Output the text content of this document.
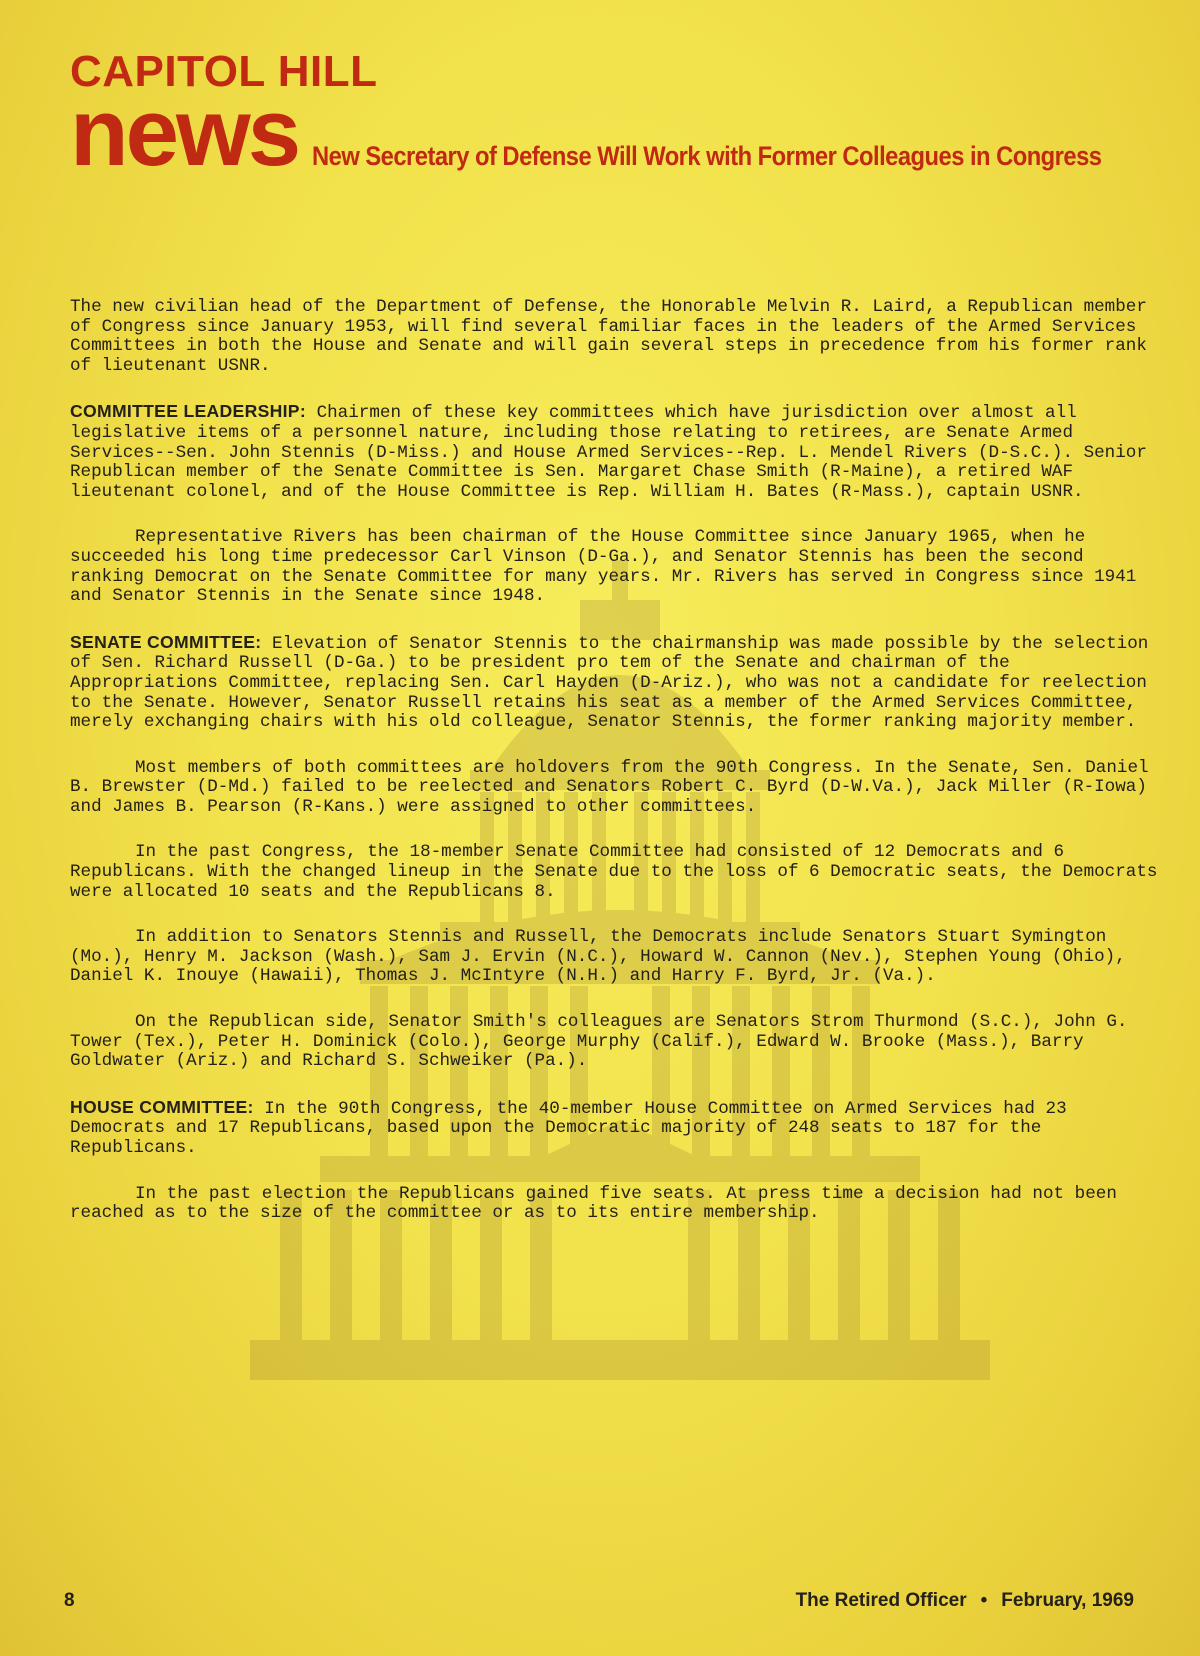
CAPITOL HILL
news New Secretary of Defense Will Work with Former Colleagues in Congress

The new civilian head of the Department of Defense, the Honorable Melvin R. Laird, a Republican member of Congress since January 1953, will find several familiar faces in the leaders of the Armed Services Committees in both the House and Senate and will gain several steps in precedence from his former rank of lieutenant USNR.

COMMITTEE LEADERSHIP: Chairmen of these key committees which have jurisdiction over almost all legislative items of a personnel nature, including those relating to retirees, are Senate Armed Services--Sen. John Stennis (D-Miss.) and House Armed Services--Rep. L. Mendel Rivers (D-S.C.). Senior Republican member of the Senate Committee is Sen. Margaret Chase Smith (R-Maine), a retired WAF lieutenant colonel, and of the House Committee is Rep. William H. Bates (R-Mass.), captain USNR.

Representative Rivers has been chairman of the House Committee since January 1965, when he succeeded his long time predecessor Carl Vinson (D-Ga.), and Senator Stennis has been the second ranking Democrat on the Senate Committee for many years. Mr. Rivers has served in Congress since 1941 and Senator Stennis in the Senate since 1948.

SENATE COMMITTEE: Elevation of Senator Stennis to the chairmanship was made possible by the selection of Sen. Richard Russell (D-Ga.) to be president pro tem of the Senate and chairman of the Appropriations Committee, replacing Sen. Carl Hayden (D-Ariz.), who was not a candidate for reelection to the Senate. However, Senator Russell retains his seat as a member of the Armed Services Committee, merely exchanging chairs with his old colleague, Senator Stennis, the former ranking majority member.

Most members of both committees are holdovers from the 90th Congress. In the Senate, Sen. Daniel B. Brewster (D-Md.) failed to be reelected and Senators Robert C. Byrd (D-W.Va.), Jack Miller (R-Iowa) and James B. Pearson (R-Kans.) were assigned to other committees.

In the past Congress, the 18-member Senate Committee had consisted of 12 Democrats and 6 Republicans. With the changed lineup in the Senate due to the loss of 6 Democratic seats, the Democrats were allocated 10 seats and the Republicans 8.

In addition to Senators Stennis and Russell, the Democrats include Senators Stuart Symington (Mo.), Henry M. Jackson (Wash.), Sam J. Ervin (N.C.), Howard W. Cannon (Nev.), Stephen Young (Ohio), Daniel K. Inouye (Hawaii), Thomas J. McIntyre (N.H.) and Harry F. Byrd, Jr. (Va.).

On the Republican side, Senator Smith's colleagues are Senators Strom Thurmond (S.C.), John G. Tower (Tex.), Peter H. Dominick (Colo.), George Murphy (Calif.), Edward W. Brooke (Mass.), Barry Goldwater (Ariz.) and Richard S. Schweiker (Pa.).

HOUSE COMMITTEE: In the 90th Congress, the 40-member House Committee on Armed Services had 23 Democrats and 17 Republicans, based upon the Democratic majority of 248 seats to 187 for the Republicans.

In the past election the Republicans gained five seats. At press time a decision had not been reached as to the size of the committee or as to its entire membership.

8	The Retired Officer • February, 1969
